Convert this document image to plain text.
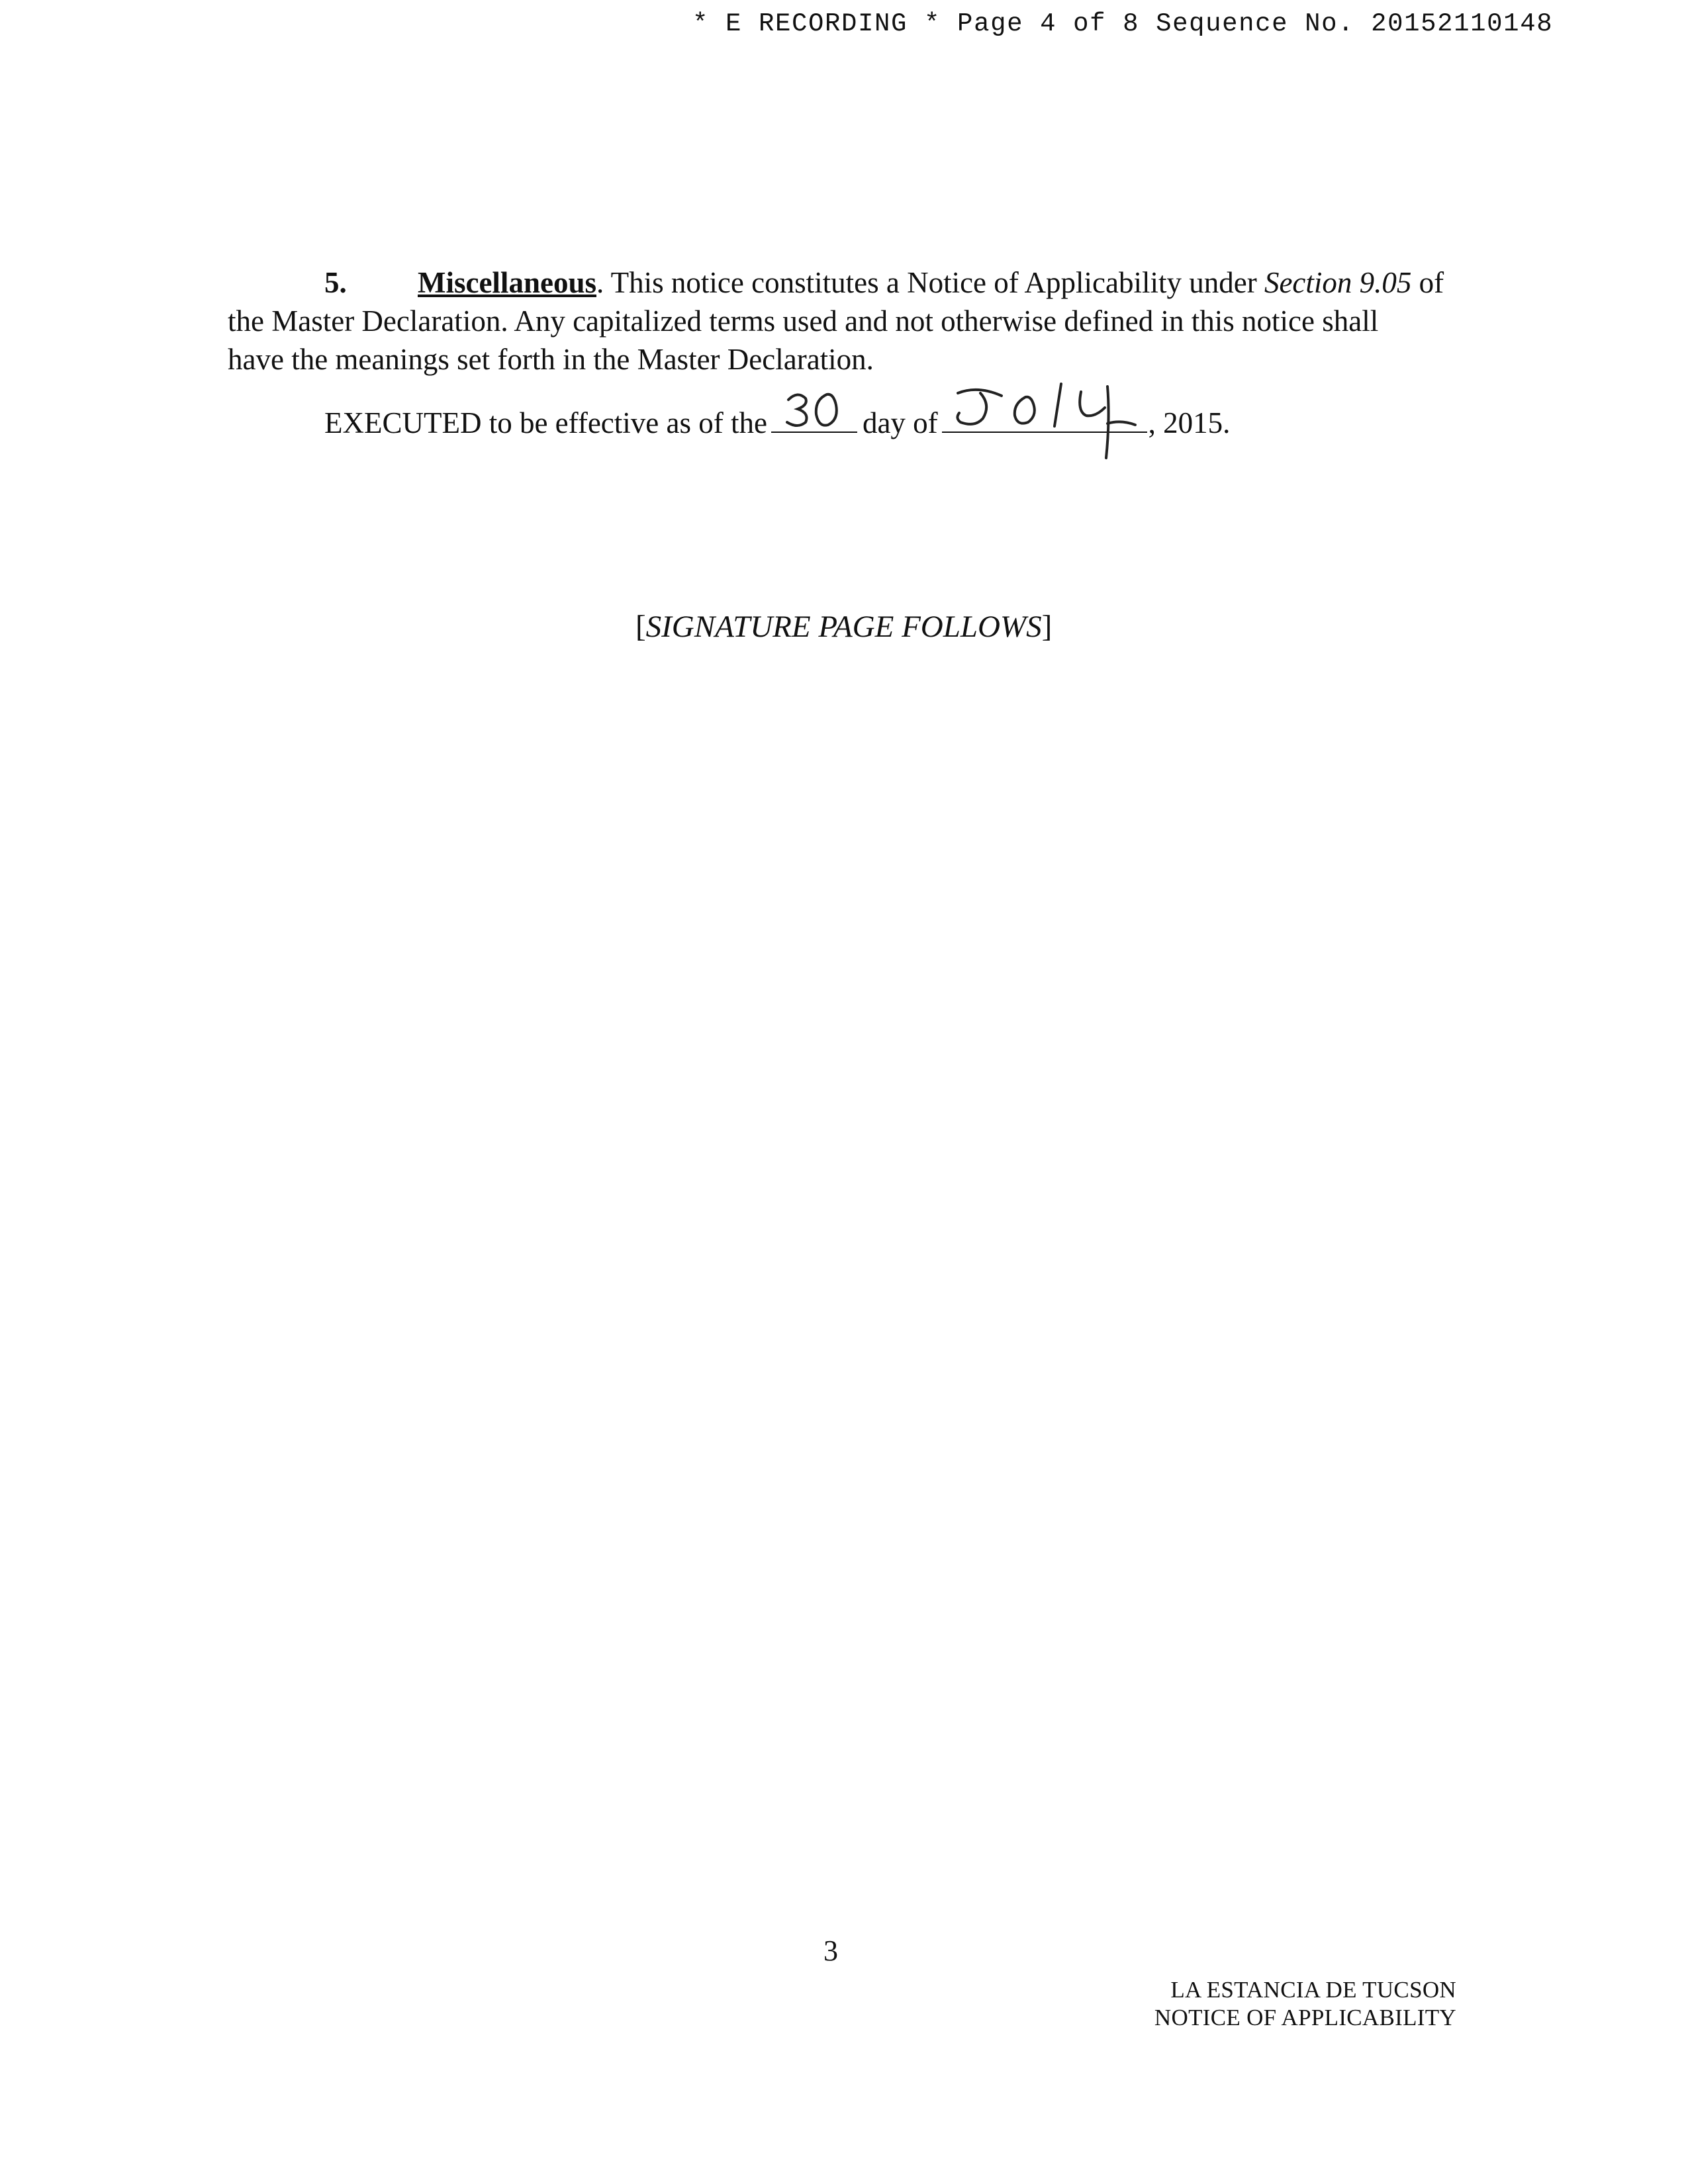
* E RECORDING * Page 4 of 8 Sequence No. 20152110148
5.	Miscellaneous. This notice constitutes a Notice of Applicability under Section 9.05 of
the Master Declaration. Any capitalized terms used and not otherwise defined in this notice shall
have the meanings set forth in the Master Declaration.
EXECUTED to be effective as of the	day of	, 2015.
[SIGNATURE PAGE FOLLOWS]
3
LA ESTANCIA DE TUCSON
NOTICE OF APPLICABILITY
